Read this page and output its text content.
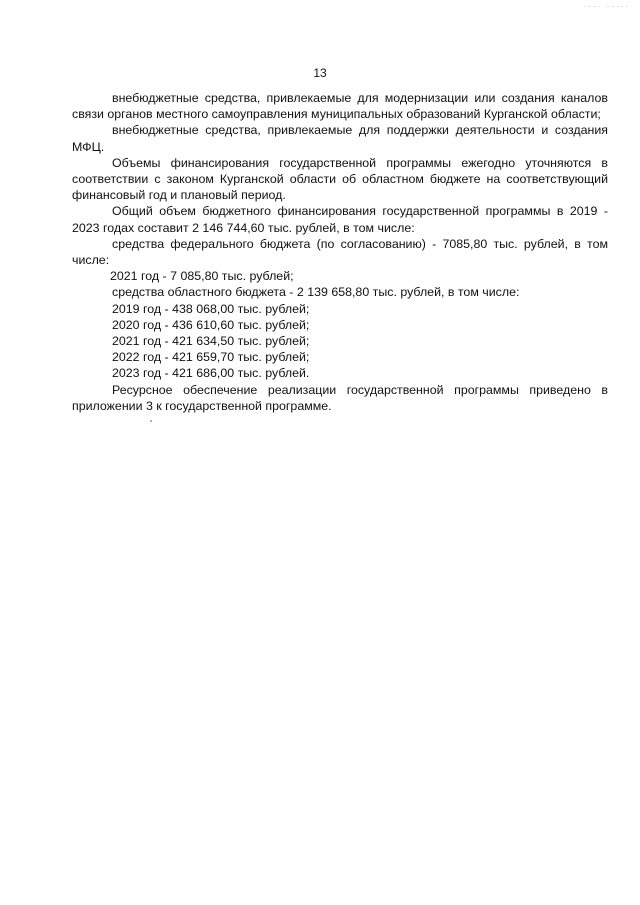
···· ·····
13

внебюджетные средства, привлекаемые для модернизации или создания каналов связи органов местного самоуправления муниципальных образований Курганской области;

внебюджетные средства, привлекаемые для поддержки деятельности и создания МФЦ.

Объемы финансирования государственной программы ежегодно уточняются в соответствии с законом Курганской области об областном бюджете на соответствующий финансовый год и плановый период.

Общий объем бюджетного финансирования государственной программы в 2019 - 2023 годах составит 2 146 744,60 тыс. рублей, в том числе:

средства федерального бюджета (по согласованию) - 7085,80 тыс. рублей, в том числе:

2021 год - 7 085,80 тыс. рублей;

средства областного бюджета - 2 139 658,80 тыс. рублей, в том числе:

2019 год - 438 068,00 тыс. рублей;

2020 год - 436 610,60 тыс. рублей;

2021 год - 421 634,50 тыс. рублей;

2022 год - 421 659,70 тыс. рублей;

2023 год - 421 686,00 тыс. рублей.

Ресурсное обеспечение реализации государственной программы приведено в приложении 3 к государственной программе.
